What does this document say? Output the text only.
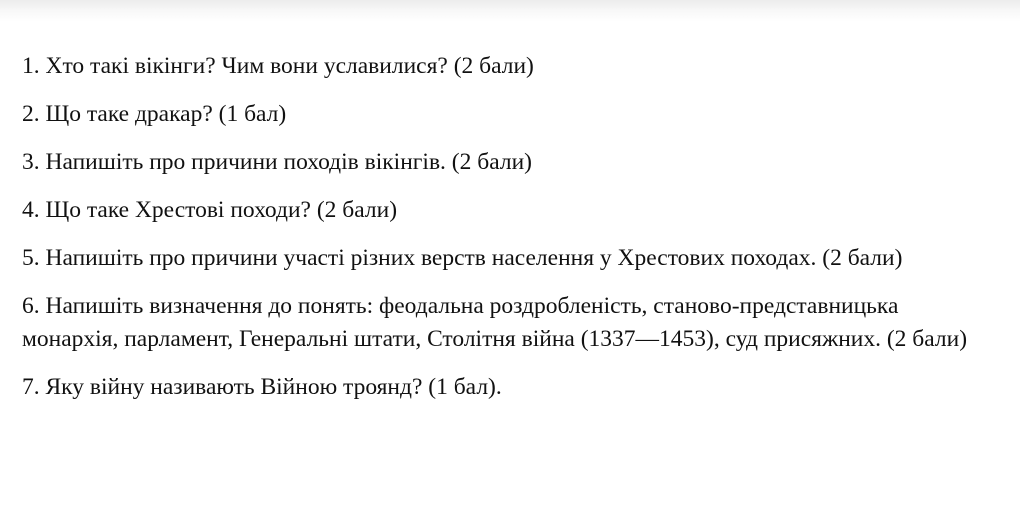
1. Хто такі вікінги? Чим вони уславилися? (2 бали)

2. Що таке дракар? (1 бал)

3. Напишіть про причини походів вікінгів. (2 бали)

4. Що таке Хрестові походи? (2 бали)

5. Напишіть про причини участі різних верств населення у Хрестових походах. (2 бали)

6. Напишіть визначення до понять: феодальна роздробленість, станово-представницька монархія, парламент, Генеральні штати, Столітня війна (1337—1453), суд присяжних. (2 бали)

7. Яку війну називають Війною троянд? (1 бал).
